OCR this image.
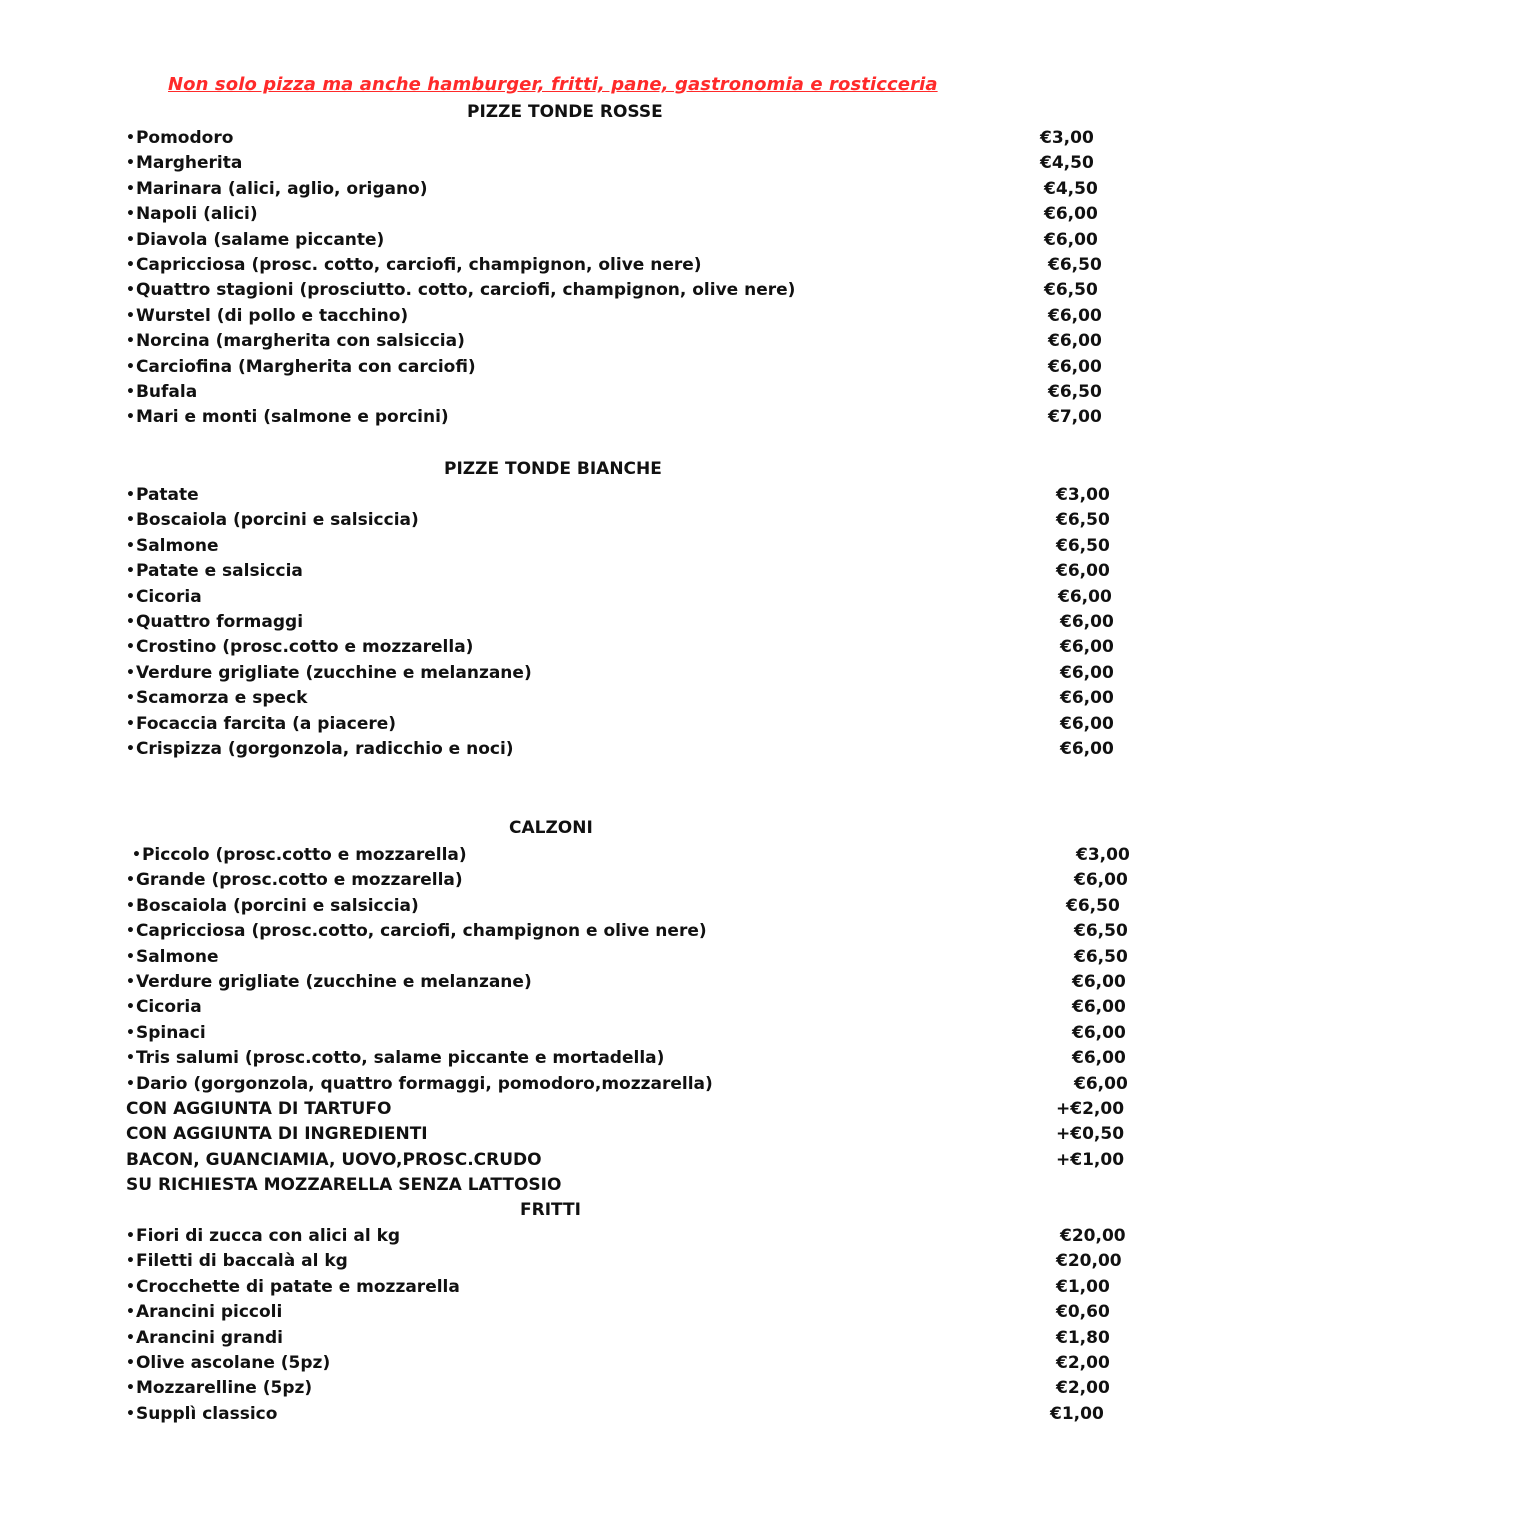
Non solo pizza ma anche hamburger, fritti, pane, gastronomia e rosticceria
PIZZE TONDE ROSSE
•Pomodoro	€3,00
•Margherita	€4,50
•Marinara (alici, aglio, origano)	€4,50
•Napoli (alici)	€6,00
•Diavola (salame piccante)	€6,00
•Capricciosa (prosc. cotto, carciofi, champignon, olive nere)	€6,50
•Quattro stagioni (prosciutto. cotto, carciofi, champignon, olive nere)	€6,50
•Wurstel (di pollo e tacchino)	€6,00
•Norcina (margherita con salsiccia)	€6,00
•Carciofina (Margherita con carciofi)	€6,00
•Bufala	€6,50
•Mari e monti (salmone e porcini)	€7,00
PIZZE TONDE BIANCHE
•Patate	€3,00
•Boscaiola (porcini e salsiccia)	€6,50
•Salmone	€6,50
•Patate e salsiccia	€6,00
•Cicoria	€6,00
•Quattro formaggi	€6,00
•Crostino (prosc.cotto e mozzarella)	€6,00
•Verdure grigliate (zucchine e melanzane)	€6,00
•Scamorza e speck	€6,00
•Focaccia farcita (a piacere)	€6,00
•Crispizza (gorgonzola, radicchio e noci)	€6,00
CALZONI
•Piccolo (prosc.cotto e mozzarella)	€3,00
•Grande (prosc.cotto e mozzarella)	€6,00
•Boscaiola (porcini e salsiccia)	€6,50
•Capricciosa (prosc.cotto, carciofi, champignon e olive nere)	€6,50
•Salmone	€6,50
•Verdure grigliate (zucchine e melanzane)	€6,00
•Cicoria	€6,00
•Spinaci	€6,00
•Tris salumi (prosc.cotto, salame piccante e mortadella)	€6,00
•Dario (gorgonzola, quattro formaggi, pomodoro,mozzarella)	€6,00
CON AGGIUNTA DI TARTUFO	+€2,00
CON AGGIUNTA DI INGREDIENTI	+€0,50
BACON, GUANCIAMIA, UOVO,PROSC.CRUDO	+€1,00
SU RICHIESTA MOZZARELLA SENZA LATTOSIO
FRITTI
•Fiori di zucca con alici al kg	€20,00
•Filetti di baccalà al kg	€20,00
•Crocchette di patate e mozzarella	€1,00
•Arancini piccoli	€0,60
•Arancini grandi	€1,80
•Olive ascolane (5pz)	€2,00
•Mozzarelline (5pz)	€2,00
•Supplì classico	€1,00
